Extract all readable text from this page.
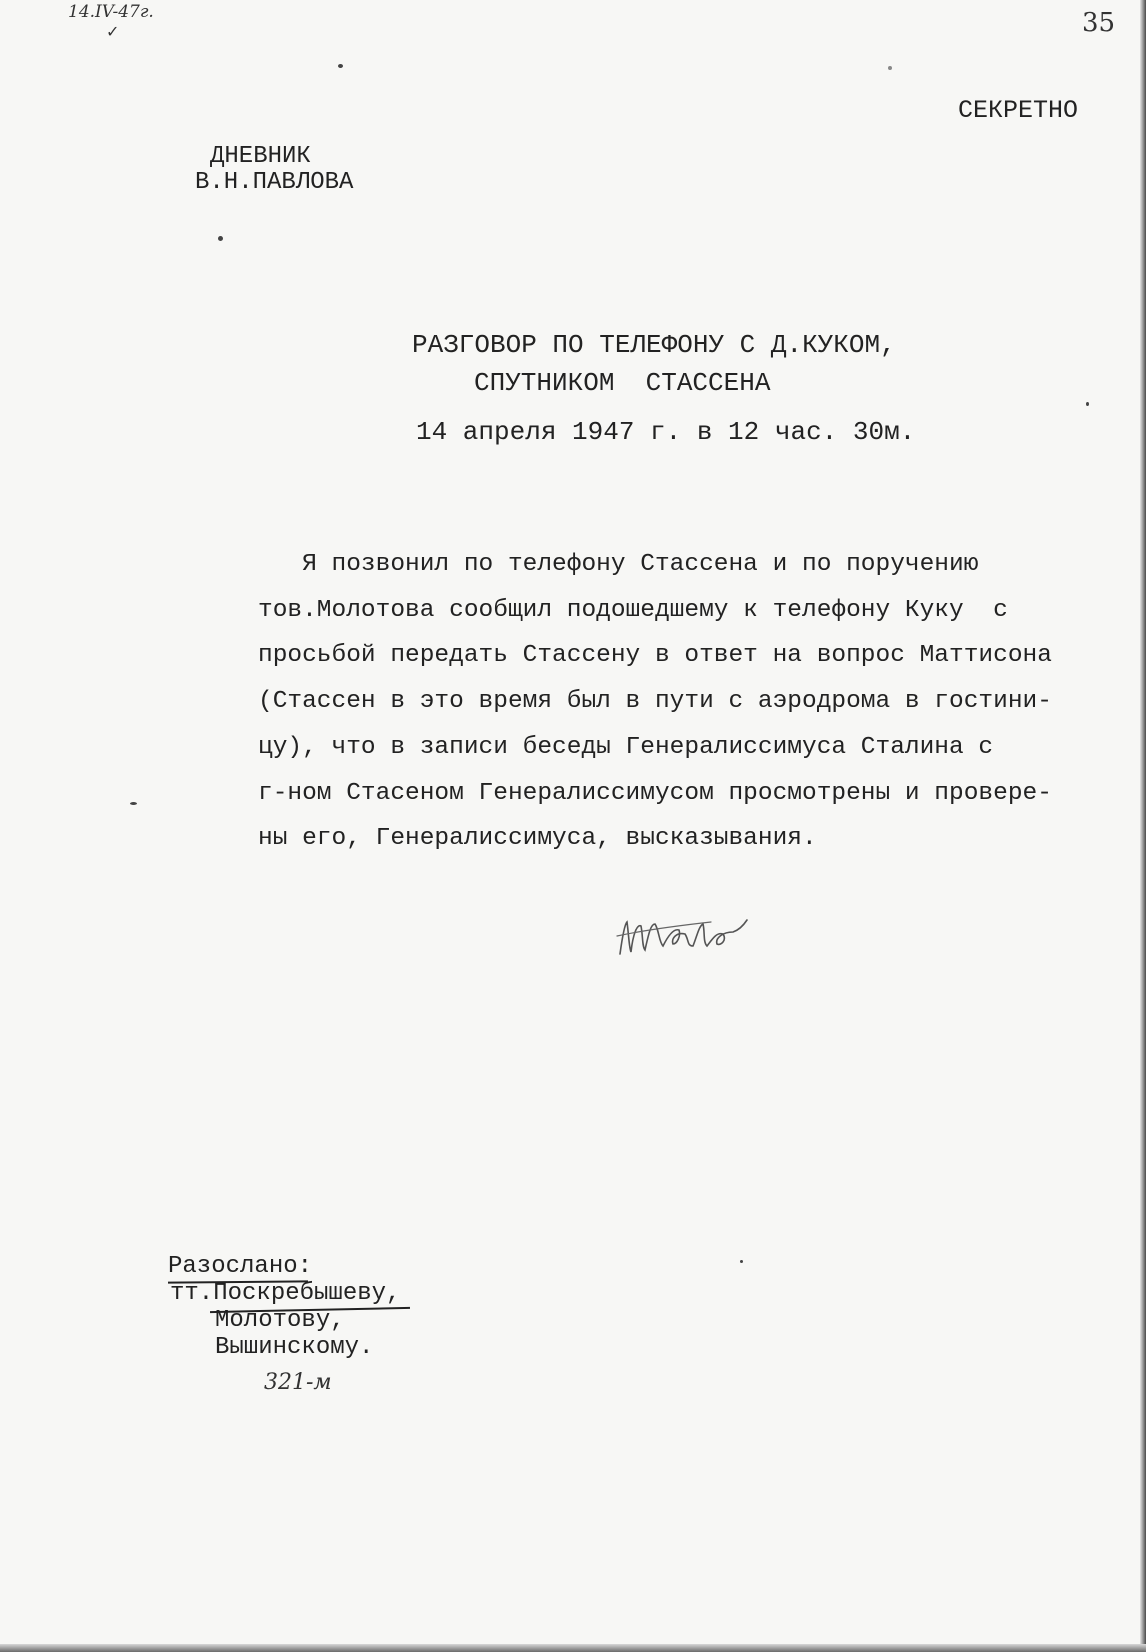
14.IV-47г.
✓	35
СЕКРЕТНО
ДНЕВНИК
В.Н.ПАВЛОВА
РАЗГОВОР ПО ТЕЛЕФОНУ С Д.КУКОМ,
СПУТНИКОМ  СТАССЕНА
14 апреля 1947 г. в 12 час. 30м.
Я позвонил по телефону Стассена и по поручению
тов.Молотова сообщил подошедшему к телефону Куку  с
просьбой передать Стассену в ответ на вопрос Маттисона
(Стассен в это время был в пути с аэродрома в гостини-
цу), что в записи беседы Генералиссимуса Сталина с
г-ном Стасеном Генералиссимусом просмотрены и провере-
ны его, Генералиссимуса, высказывания.
Разослано:
тт.Поскребышеву,
Молотову,
Вышинскому.
321-м
